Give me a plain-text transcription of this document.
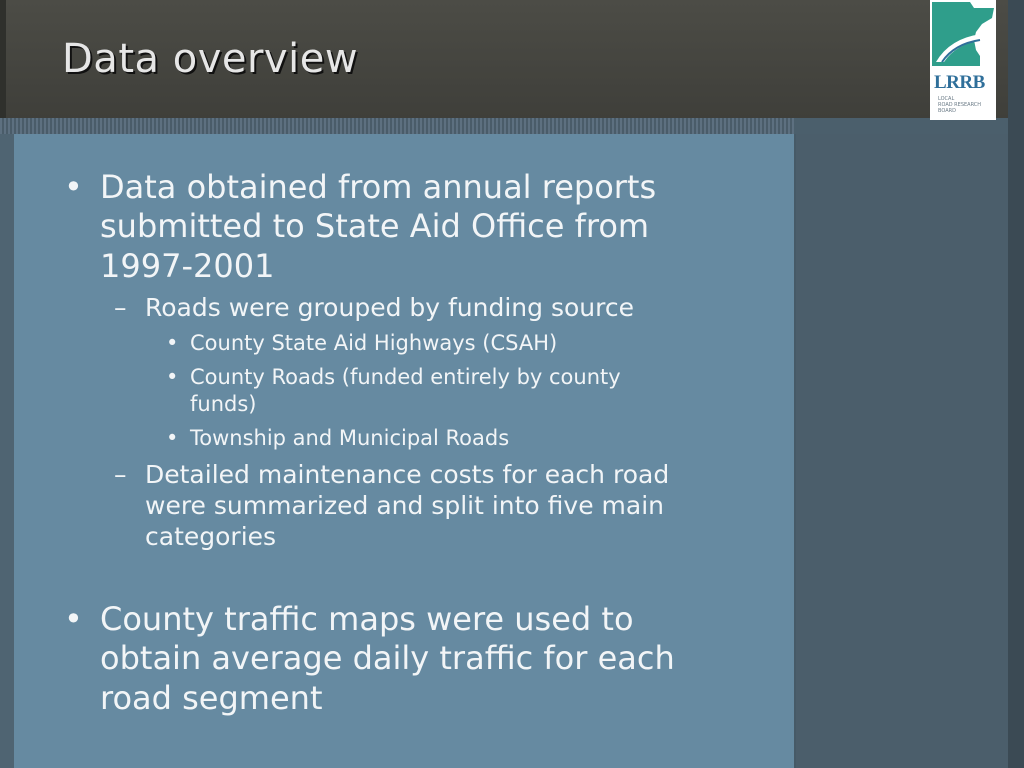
Data overview
LRRB
LOCAL
ROAD RESEARCH
BOARD
• Data obtained from annual reports
submitted to State Aid Office from
1997-2001
– Roads were grouped by funding source
• County State Aid Highways (CSAH)
• County Roads (funded entirely by county
funds)
• Township and Municipal Roads
– Detailed maintenance costs for each road
were summarized and split into five main
categories
• County traffic maps were used to
obtain average daily traffic for each
road segment
